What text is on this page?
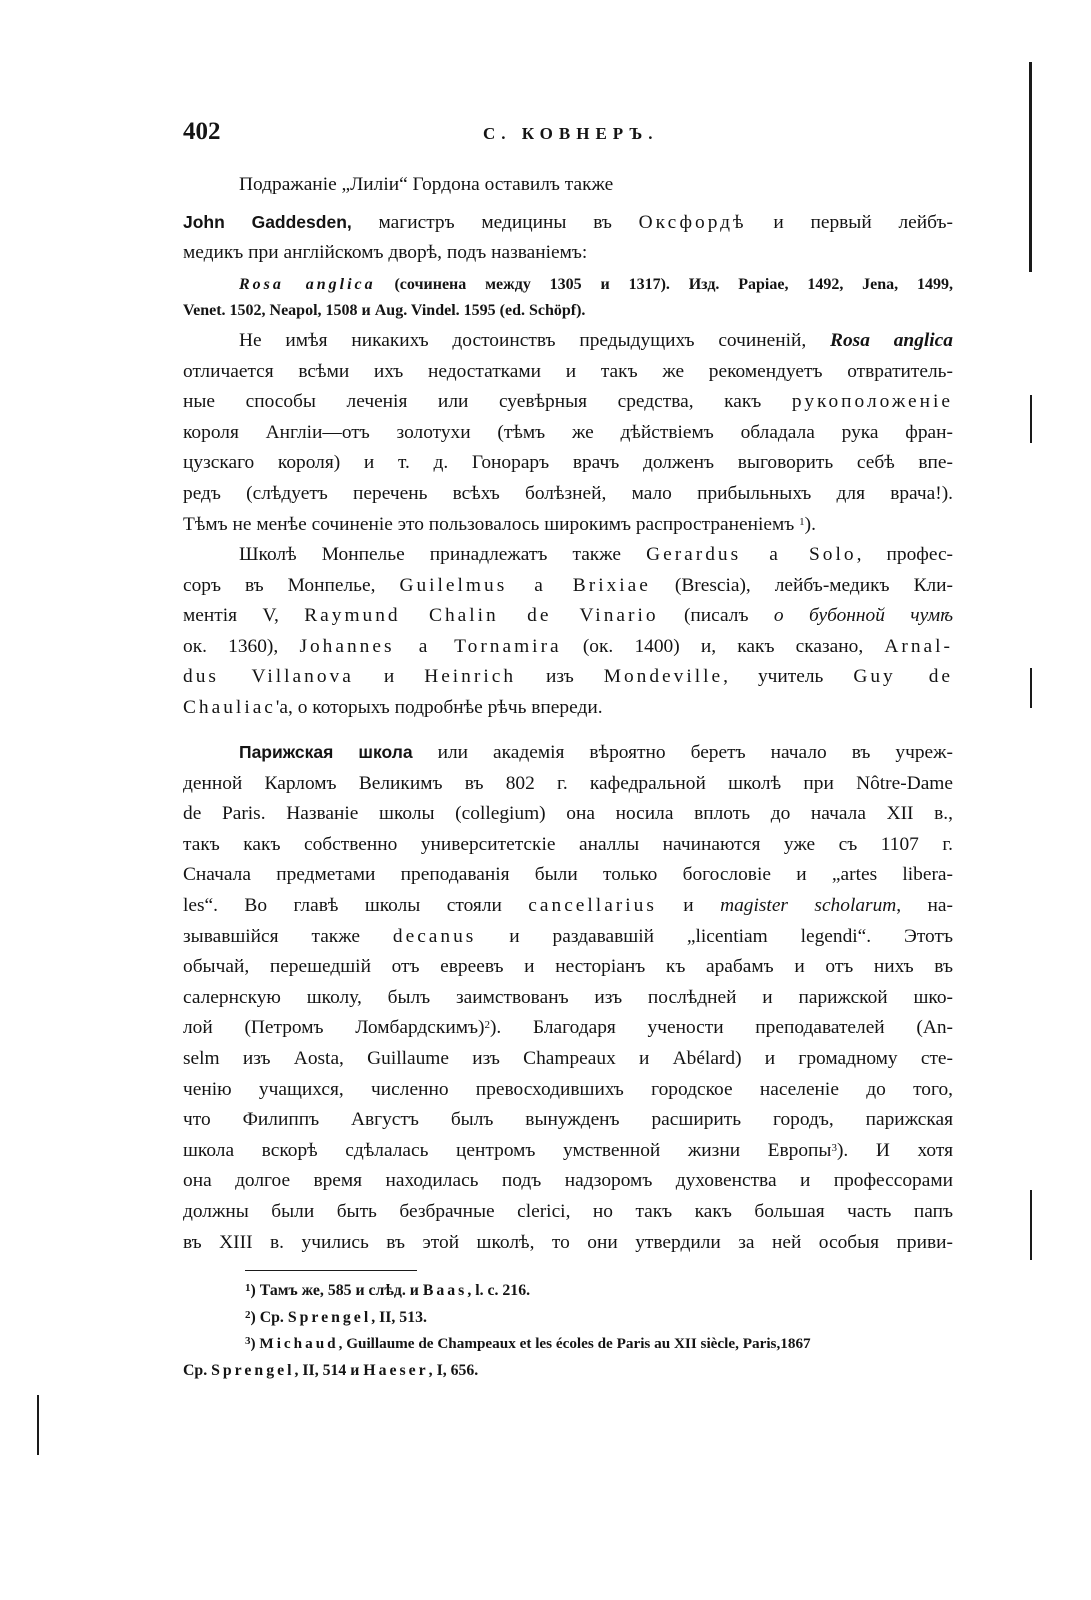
402	С. КОВНЕРЪ.
Подражаніе „Лиліи“ Гордона оставилъ также
John Gaddesden, магистръ медицины въ Оксфордѣ и первый лейбъ-
медикъ при англійскомъ дворѣ, подъ названіемъ:
Rosa anglica (сочинена между 1305 и 1317). Изд. Papiae, 1492, Jena, 1499,
Venet. 1502, Neapol, 1508 и Aug. Vindel. 1595 (ed. Schöpf).
Не имѣя никакихъ достоинствъ предыдущихъ сочиненій, Rosa anglica
отличается всѣми ихъ недостатками и такъ же рекомендуетъ отвратитель-
ные способы леченія или суевѣрныя средства, какъ рукоположеніе
короля Англіи—отъ золотухи (тѣмъ же дѣйствіемъ обладала рука фран-
цузскаго короля) и т. д. Гонораръ врачъ долженъ выговорить себѣ впе-
редъ (слѣдуетъ перечень всѣхъ болѣзней, мало прибыльныхъ для врача!).
Тѣмъ не менѣе сочиненіе это пользовалось широкимъ распространеніемъ $^1$).
Школѣ Монпелье принадлежатъ также Gerardus a Solo, профес-
соръ въ Монпелье, Guilelmus a Brixiae (Brescia), лейбъ-медикъ Кли-
ментія V, Raymund Chalin de Vinario (писалъ о бубонной чумѣ
ок. 1360), Johannes a Tornamira (ок. 1400) и, какъ сказано, Arnal-
dus Villanova и Heinrich изъ Mondeville, учитель Guy de
Chauliac'а, о которыхъ подробнѣе рѣчь впереди.
Парижская школа или академія вѣроятно беретъ начало въ учреж-
денной Карломъ Великимъ въ 802 г. кафедральной школѣ при Nôtre-Dame
de Paris. Названіе школы (collegium) она носила вплоть до начала XII в.,
такъ какъ собственно университетскіе аналлы начинаются уже съ 1107 г.
Сначала предметами преподаванія были только богословіе и „artes libera-
les“. Во главѣ школы стояли cancellarius и magister scholarum, на-
зывавшійся также decanus и раздававшій „licentiam legendi“. Этотъ
обычай, перешедшій отъ евреевъ и несторіанъ къ арабамъ и отъ нихъ въ
салернскую школу, былъ заимствованъ изъ послѣдней и парижской шко-
лой (Петромъ Ломбардскимъ)$^2$). Благодаря учености преподавателей (An-
selm изъ Aosta, Guillaume изъ Champeaux и Abélard) и громадному сте-
ченію учащихся, численно превосходившихъ городское населеніе до того,
что Филиппъ Августъ былъ вынужденъ расширить городъ, парижская
школа вскорѣ сдѣлалась центромъ умственной жизни Европы$^3$). И хотя
она долгое время находилась подъ надзоромъ духовенства и профессорами
должны были быть безбрачные clerici, но такъ какъ большая часть папъ
въ XIII в. учились въ этой школѣ, то они утвердили за ней особыя приви-
$^1$) Тамъ же, 585 и слѣд. и Baas, l. c. 216.
$^2$) Cp. Sprengel, II, 513.
$^3$) Michaud, Guillaume de Champeaux et les écoles de Paris au XII siècle, Paris,1867
Cp. Sprengel, II, 514 и Haeser, I, 656.
